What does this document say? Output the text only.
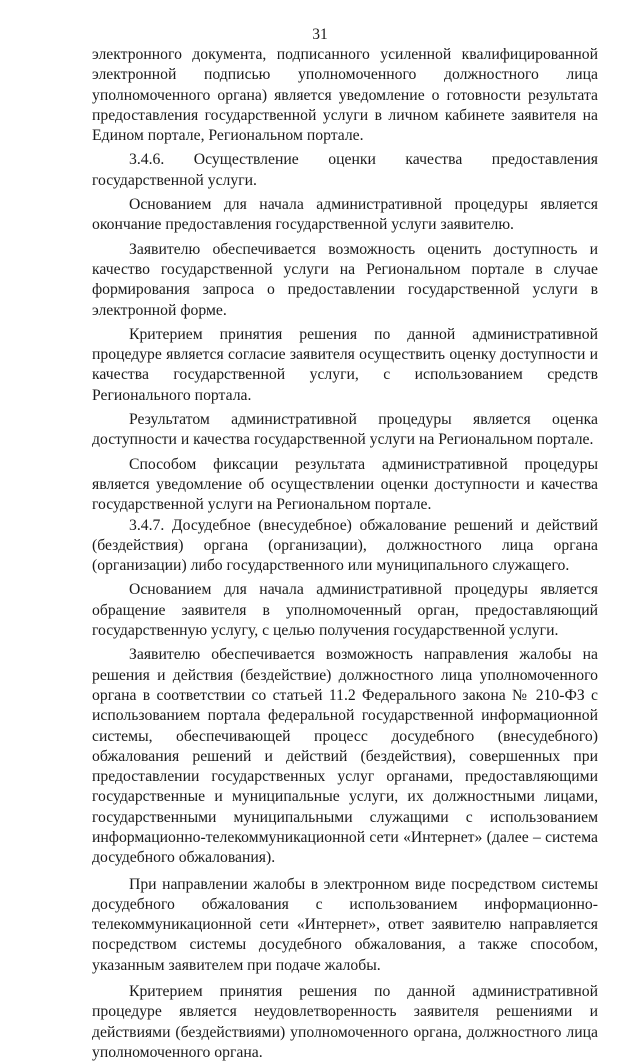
31

электронного документа, подписанного усиленной квалифицированной электронной подписью уполномоченного должностного лица уполномоченного органа) является уведомление о готовности результата предоставления государственной услуги в личном кабинете заявителя на Едином портале, Региональном портале.

3.4.6. Осуществление оценки качества предоставления государственной услуги.

Основанием для начала административной процедуры является окончание предоставления государственной услуги заявителю.

Заявителю обеспечивается возможность оценить доступность и качество государственной услуги на Региональном портале в случае формирования запроса о предоставлении государственной услуги в электронной форме.

Критерием принятия решения по данной административной процедуре является согласие заявителя осуществить оценку доступности и качества государственной услуги, с использованием средств Регионального портала.

Результатом административной процедуры является оценка доступности и качества государственной услуги на Региональном портале.

Способом фиксации результата административной процедуры является уведомление об осуществлении оценки доступности и качества государственной услуги на Региональном портале.

3.4.7. Досудебное (внесудебное) обжалование решений и действий (бездействия) органа (организации), должностного лица органа (организации) либо государственного или муниципального служащего.

Основанием для начала административной процедуры является обращение заявителя в уполномоченный орган, предоставляющий государственную услугу, с целью получения государственной услуги.

Заявителю обеспечивается возможность направления жалобы на решения и действия (бездействие) должностного лица уполномоченного органа в соответствии со статьей 11.2 Федерального закона № 210-ФЗ с использованием портала федеральной государственной информационной системы, обеспечивающей процесс досудебного (внесудебного) обжалования решений и действий (бездействия), совершенных при предоставлении государственных услуг органами, предоставляющими государственные и муниципальные услуги, их должностными лицами, государственными муниципальными служащими с использованием информационно-телекоммуникационной сети «Интернет» (далее – система досудебного обжалования).

При направлении жалобы в электронном виде посредством системы досудебного обжалования с использованием информационно-телекоммуникационной сети «Интернет», ответ заявителю направляется посредством системы досудебного обжалования, а также способом, указанным заявителем при подаче жалобы.

Критерием принятия решения по данной административной процедуре является неудовлетворенность заявителя решениями и действиями (бездействиями) уполномоченного органа, должностного лица уполномоченного органа.
